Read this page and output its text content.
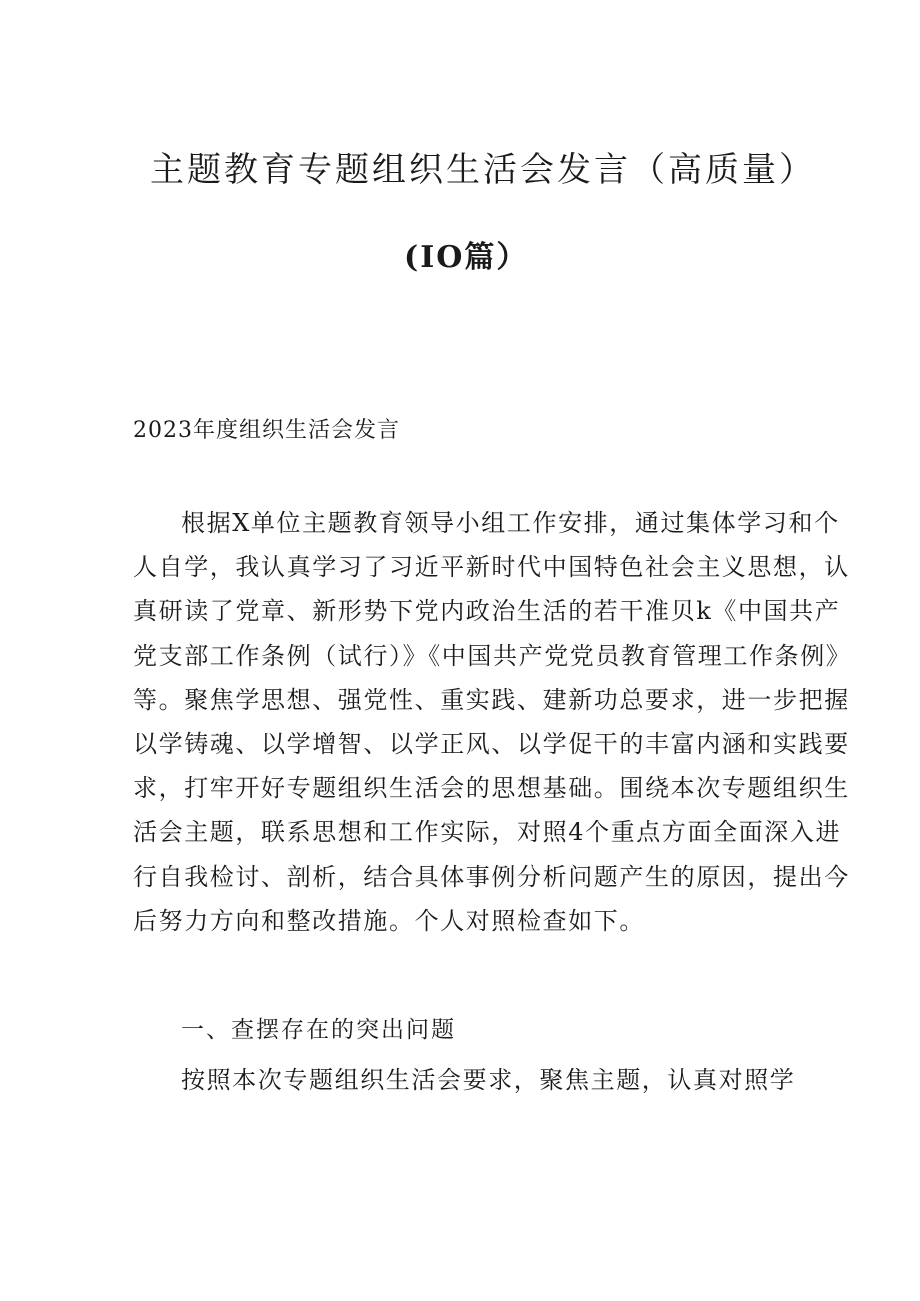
主题教育专题组织生活会发言（高质量）
(IO篇）

2023年度组织生活会发言

根据X单位主题教育领导小组工作安排，通过集体学习和个
人自学，我认真学习了习近平新时代中国特色社会主义思想，认
真研读了党章、新形势下党内政治生活的若干准贝k《中国共产
党支部工作条例（试行）》《中国共产党党员教育管理工作条例》
等。聚焦学思想、强党性、重实践、建新功总要求，进一步把握
以学铸魂、以学增智、以学正风、以学促干的丰富内涵和实践要
求，打牢开好专题组织生活会的思想基础。围绕本次专题组织生
活会主题，联系思想和工作实际，对照4个重点方面全面深入进
行自我检讨、剖析，结合具体事例分析问题产生的原因，提出今
后努力方向和整改措施。个人对照检查如下。

一、查摆存在的突出问题

按照本次专题组织生活会要求，聚焦主题，认真对照学
